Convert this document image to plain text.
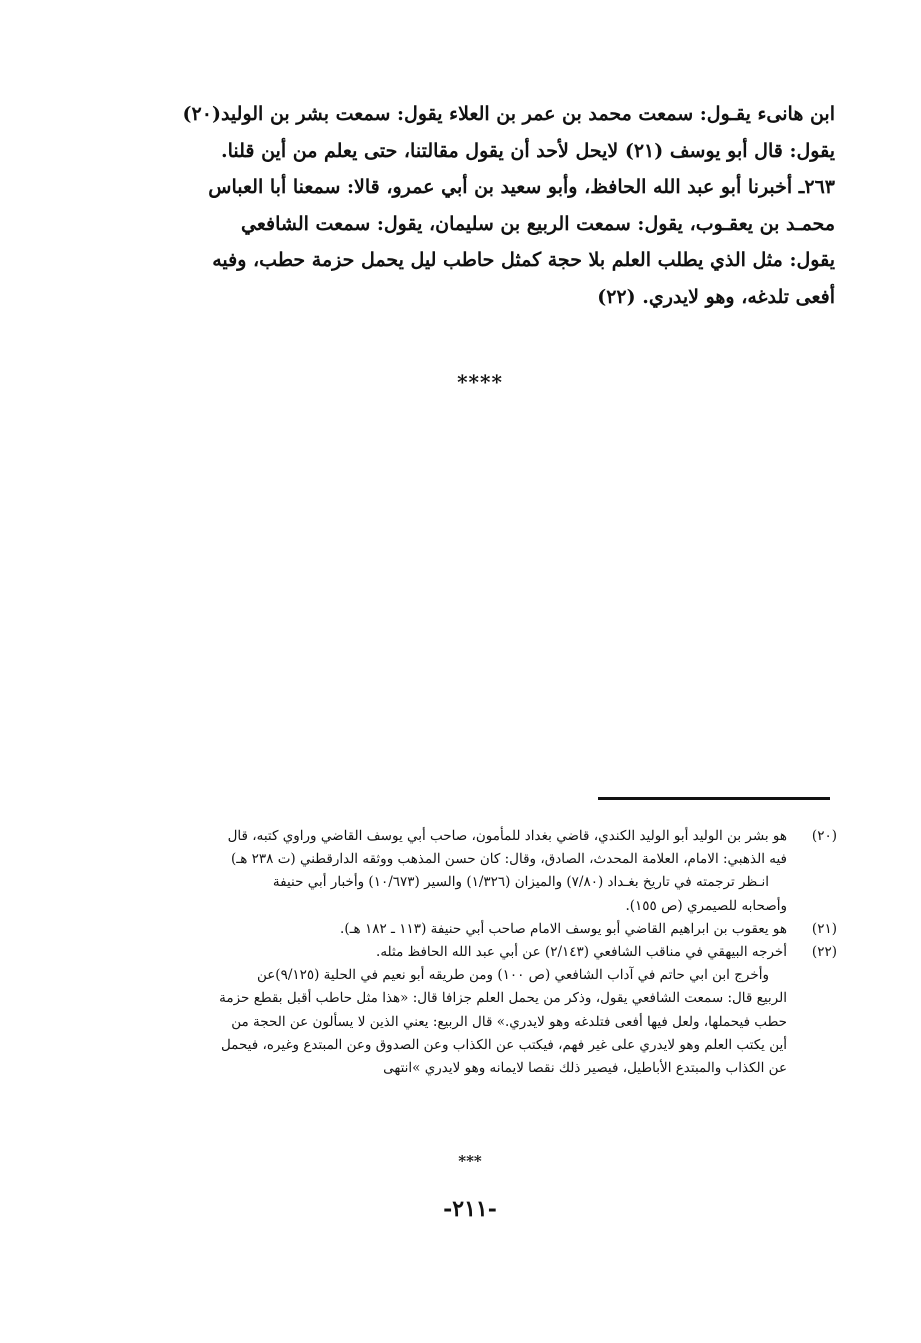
ابن هانىء يقـول: سمعت محمد بن عمر بن العلاء يقول: سمعت بشر بن الوليد(٢٠)
يقول: قال أبو يوسف (٢١) لايحل لأحد أن يقول مقالتنا، حتى يعلم من أين قلنا.
٢٦٣ـ أخبرنا أبو عبد الله الحافظ، وأبو سعيد بن أبي عمرو، قالا: سمعنا أبا العباس
محمـد بن يعقـوب، يقول: سمعت الربيع بن سليمان، يقول: سمعت الشافعي
يقول: مثل الذي يطلب العلم بلا حجة كمثل حاطب ليل يحمل حزمة حطب، وفيه
أفعى تلدغه، وهو لايدري. (٢٢)
****
(٢٠)
هو بشر بن الوليد أبو الوليد الكندي، قاضي بغداد للمأمون، صاحب أبي يوسف القاضي وراوي كتبه، قال
فيه الذهبي: الامام، العلامة المحدث، الصادق، وقال: كان حسن المذهب ووثقه الدارقطني (ت ٢٣٨ هـ)
انـظر ترجمته في تاريخ بغـداد (٧/٨٠) والميزان (١/٣٢٦) والسير (١٠/٦٧٣) وأخبار أبي حنيفة
وأصحابه للصيمري (ص ١٥٥).
(٢١)
هو يعقوب بن ابراهيم القاضي أبو يوسف الامام صاحب أبي حنيفة (١١٣ ـ ١٨٢ هـ).
(٢٢)
أخرجه البيهقي في مناقب الشافعي (٢/١٤٣) عن أبي عبد الله الحافظ مثله.
وأخرج ابن ابي حاتم في آداب الشافعي (ص ١٠٠) ومن طريقه أبو نعيم في الحلية (٩/١٢٥)عن
الربيع قال: سمعت الشافعي يقول، وذكر من يحمل العلم جزافا قال: «هذا مثل حاطب أقبل بقطع حزمة
حطب فيحملها، ولعل فيها أفعى فتلدغه وهو لايدري.» قال الربيع: يعني الذين لا يسألون عن الحجة من
أين يكتب العلم وهو لايدري على غير فهم، فيكتب عن الكذاب وعن الصدوق وعن المبتدع وغيره، فيحمل
عن الكذاب والمبتدع الأباطيل، فيصير ذلك نقصا لايمانه وهو لايدري »انتهى
***
-٢١١-
